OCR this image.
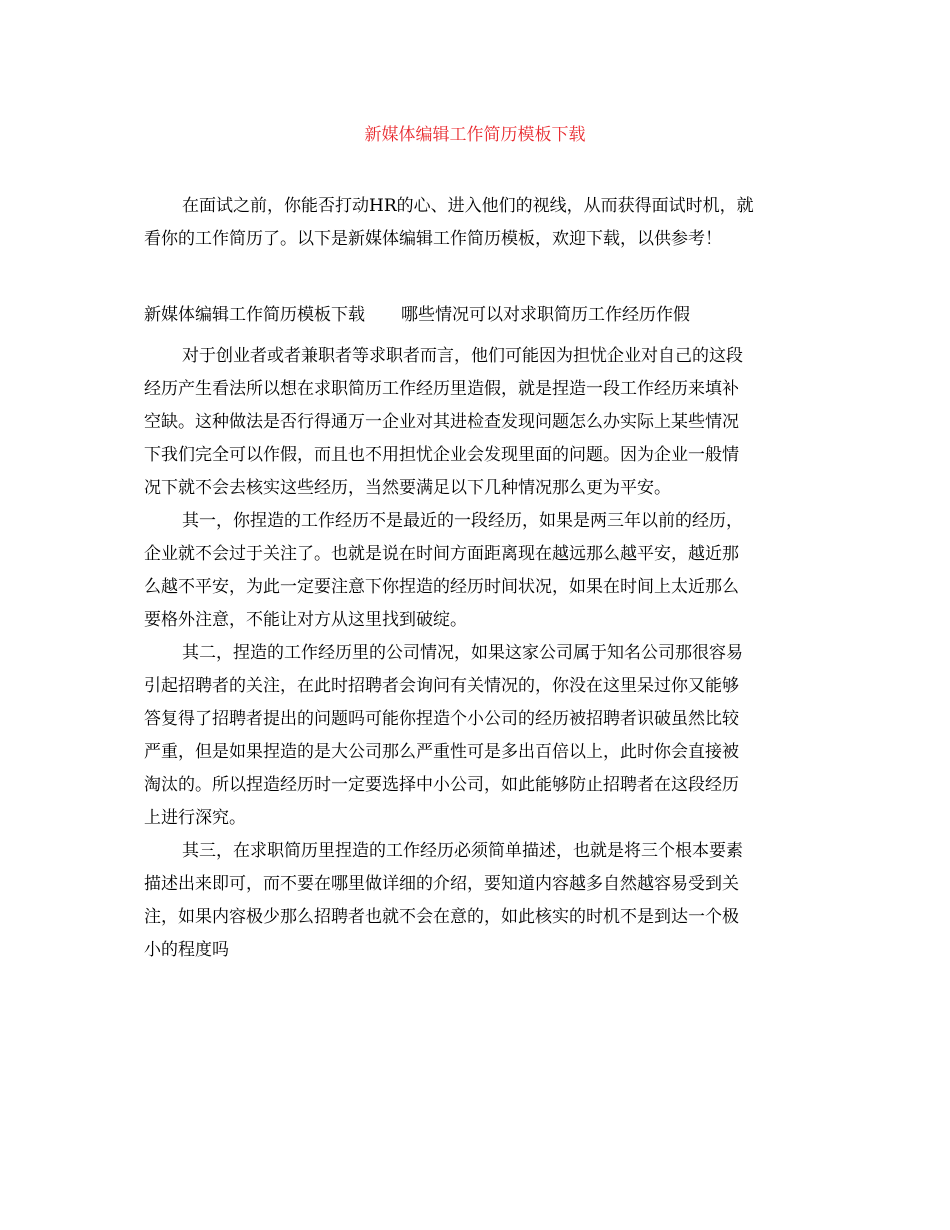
新媒体编辑工作简历模板下载

在面试之前，你能否打动HR的心、进入他们的视线，从而获得面试时机，就
看你的工作简历了。以下是新媒体编辑工作简历模板，欢迎下载，以供参考！

新媒体编辑工作简历模板下载 哪些情况可以对求职简历工作经历作假

对于创业者或者兼职者等求职者而言，他们可能因为担忧企业对自己的这段
经历产生看法所以想在求职简历工作经历里造假，就是捏造一段工作经历来填补
空缺。这种做法是否行得通万一企业对其进检查发现问题怎么办实际上某些情况
下我们完全可以作假，而且也不用担忧企业会发现里面的问题。因为企业一般情
况下就不会去核实这些经历，当然要满足以下几种情况那么更为平安。

其一，你捏造的工作经历不是最近的一段经历，如果是两三年以前的经历，
企业就不会过于关注了。也就是说在时间方面距离现在越远那么越平安，越近那
么越不平安，为此一定要注意下你捏造的经历时间状况，如果在时间上太近那么
要格外注意，不能让对方从这里找到破绽。

其二，捏造的工作经历里的公司情况，如果这家公司属于知名公司那很容易
引起招聘者的关注，在此时招聘者会询问有关情况的，你没在这里呆过你又能够
答复得了招聘者提出的问题吗可能你捏造个小公司的经历被招聘者识破虽然比较
严重，但是如果捏造的是大公司那么严重性可是多出百倍以上，此时你会直接被
淘汰的。所以捏造经历时一定要选择中小公司，如此能够防止招聘者在这段经历
上进行深究。

其三，在求职简历里捏造的工作经历必须简单描述，也就是将三个根本要素
描述出来即可，而不要在哪里做详细的介绍，要知道内容越多自然越容易受到关
注，如果内容极少那么招聘者也就不会在意的，如此核实的时机不是到达一个极
小的程度吗
